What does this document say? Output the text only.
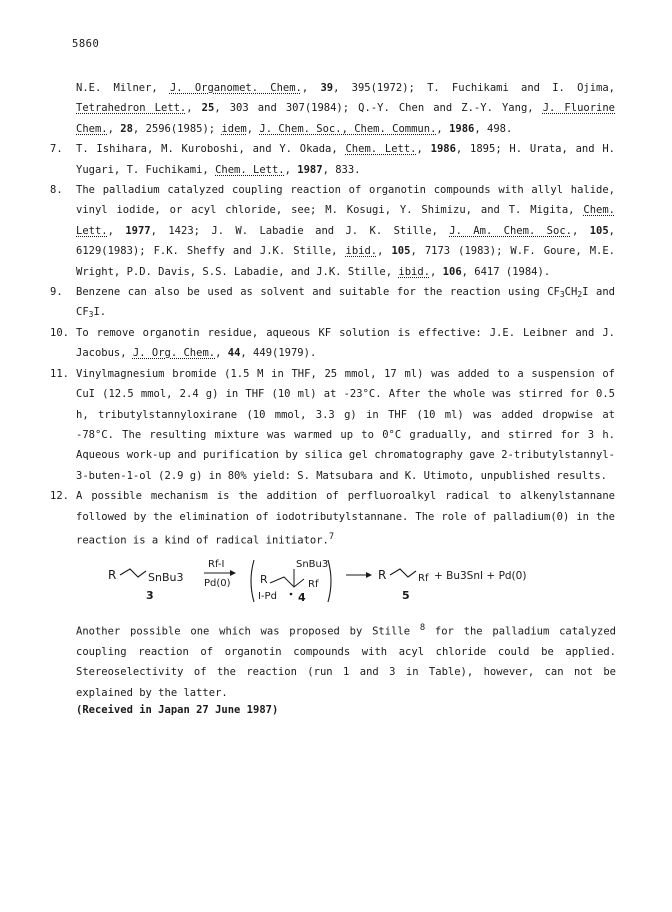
5860
N.E. Milner, J. Organomet. Chem., 39, 395(1972); T. Fuchikami and I. Ojima, Tetrahedron Lett., 25, 303 and 307(1984); Q.-Y. Chen and Z.-Y. Yang, J. Fluorine Chem., 28, 2596(1985); idem, J. Chem. Soc., Chem. Commun., 1986, 498.
7.	T. Ishihara, M. Kuroboshi, and Y. Okada, Chem. Lett., 1986, 1895; H. Urata, and H. Yugari, T. Fuchikami, Chem. Lett., 1987, 833.
8.	The palladium catalyzed coupling reaction of organotin compounds with allyl halide, vinyl iodide, or acyl chloride, see; M. Kosugi, Y. Shimizu, and T. Migita, Chem. Lett., 1977, 1423; J. W. Labadie and J. K. Stille, J. Am. Chem. Soc., 105, 6129(1983); F.K. Sheffy and J.K. Stille, ibid., 105, 7173 (1983); W.F. Goure, M.E. Wright, P.D. Davis, S.S. Labadie, and J.K. Stille, ibid., 106, 6417 (1984).
9.	Benzene can also be used as solvent and suitable for the reaction using $CF_3CH_2I$ and $CF_3I$.
10. To remove organotin residue, aqueous KF solution is effective: J.E. Leibner and J. Jacobus, J. Org. Chem., 44, 449(1979).
11. Vinylmagnesium bromide (1.5 M in THF, 25 mmol, 17 ml) was added to a suspension of CuI (12.5 mmol, 2.4 g) in THF (10 ml) at -23°C. After the whole was stirred for 0.5 h, tributylstannyloxirane (10 mmol, 3.3 g) in THF (10 ml) was added dropwise at -78°C. The resulting mixture was warmed up to 0°C gradually, and stirred for 3 h. Aqueous work-up and purification by silica gel chromatography gave 2-tributylstannyl-3-buten-1-ol (2.9 g) in 80% yield: S. Matsubara and K. Utimoto, unpublished results.
12. A possible mechanism is the addition of perfluoroalkyl radical to alkenylstannane followed by the elimination of iodotributylstannane. The role of palladium(0) in the reaction is a kind of radical initiator.$^7$
R	SnBu3
3
Rf-I
Pd(0)	R
SnBu3
I-Pd 4
Rf
R	Rf + Bu3SnI + Pd(0)
5
Another possible one which was proposed by Stille $^8$ for the palladium catalyzed coupling reaction of organotin compounds with acyl chloride could be applied. Stereoselectivity of the reaction (run 1 and 3 in Table), however, can not be explained by the latter.
(Received in Japan 27 June 1987)
